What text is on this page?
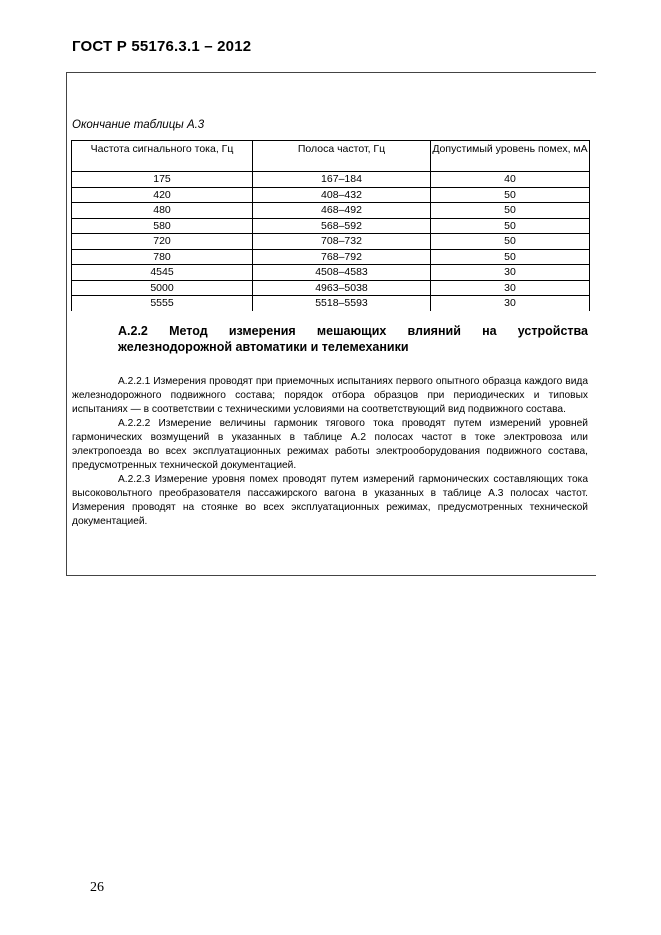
ГОСТ Р 55176.3.1 – 2012
Окончание таблицы А.3
Частота сигнального тока, Гц	Полоса частот, Гц	Допустимый уровень помех, мА
175	167–184	40
420	408–432	50
480	468–492	50
580	568–592	50
720	708–732	50
780	768–792	50
4545	4508–4583	30
5000	4963–5038	30
5555	5518–5593	30
А.2.2 Метод измерения мешающих влияний на устройства железнодорожной автоматики и телемеханики

А.2.2.1 Измерения проводят при приемочных испытаниях первого опытного образца каждого вида железнодорожного подвижного состава; порядок отбора образцов при периодических и типовых испытаниях — в соответствии с техническими условиями на соответствующий вид подвижного состава.

А.2.2.2 Измерение величины гармоник тягового тока проводят путем измерений уровней гармонических возмущений в указанных в таблице А.2 полосах частот в токе электровоза или электропоезда во всех эксплуатационных режимах работы электрооборудования подвижного состава, предусмотренных технической документацией.

А.2.2.3 Измерение уровня помех проводят путем измерений гармонических составляющих тока высоковольтного преобразователя пассажирского вагона в указанных в таблице А.3 полосах частот. Измерения проводят на стоянке во всех эксплуатационных режимах, предусмотренных технической документацией.

26
